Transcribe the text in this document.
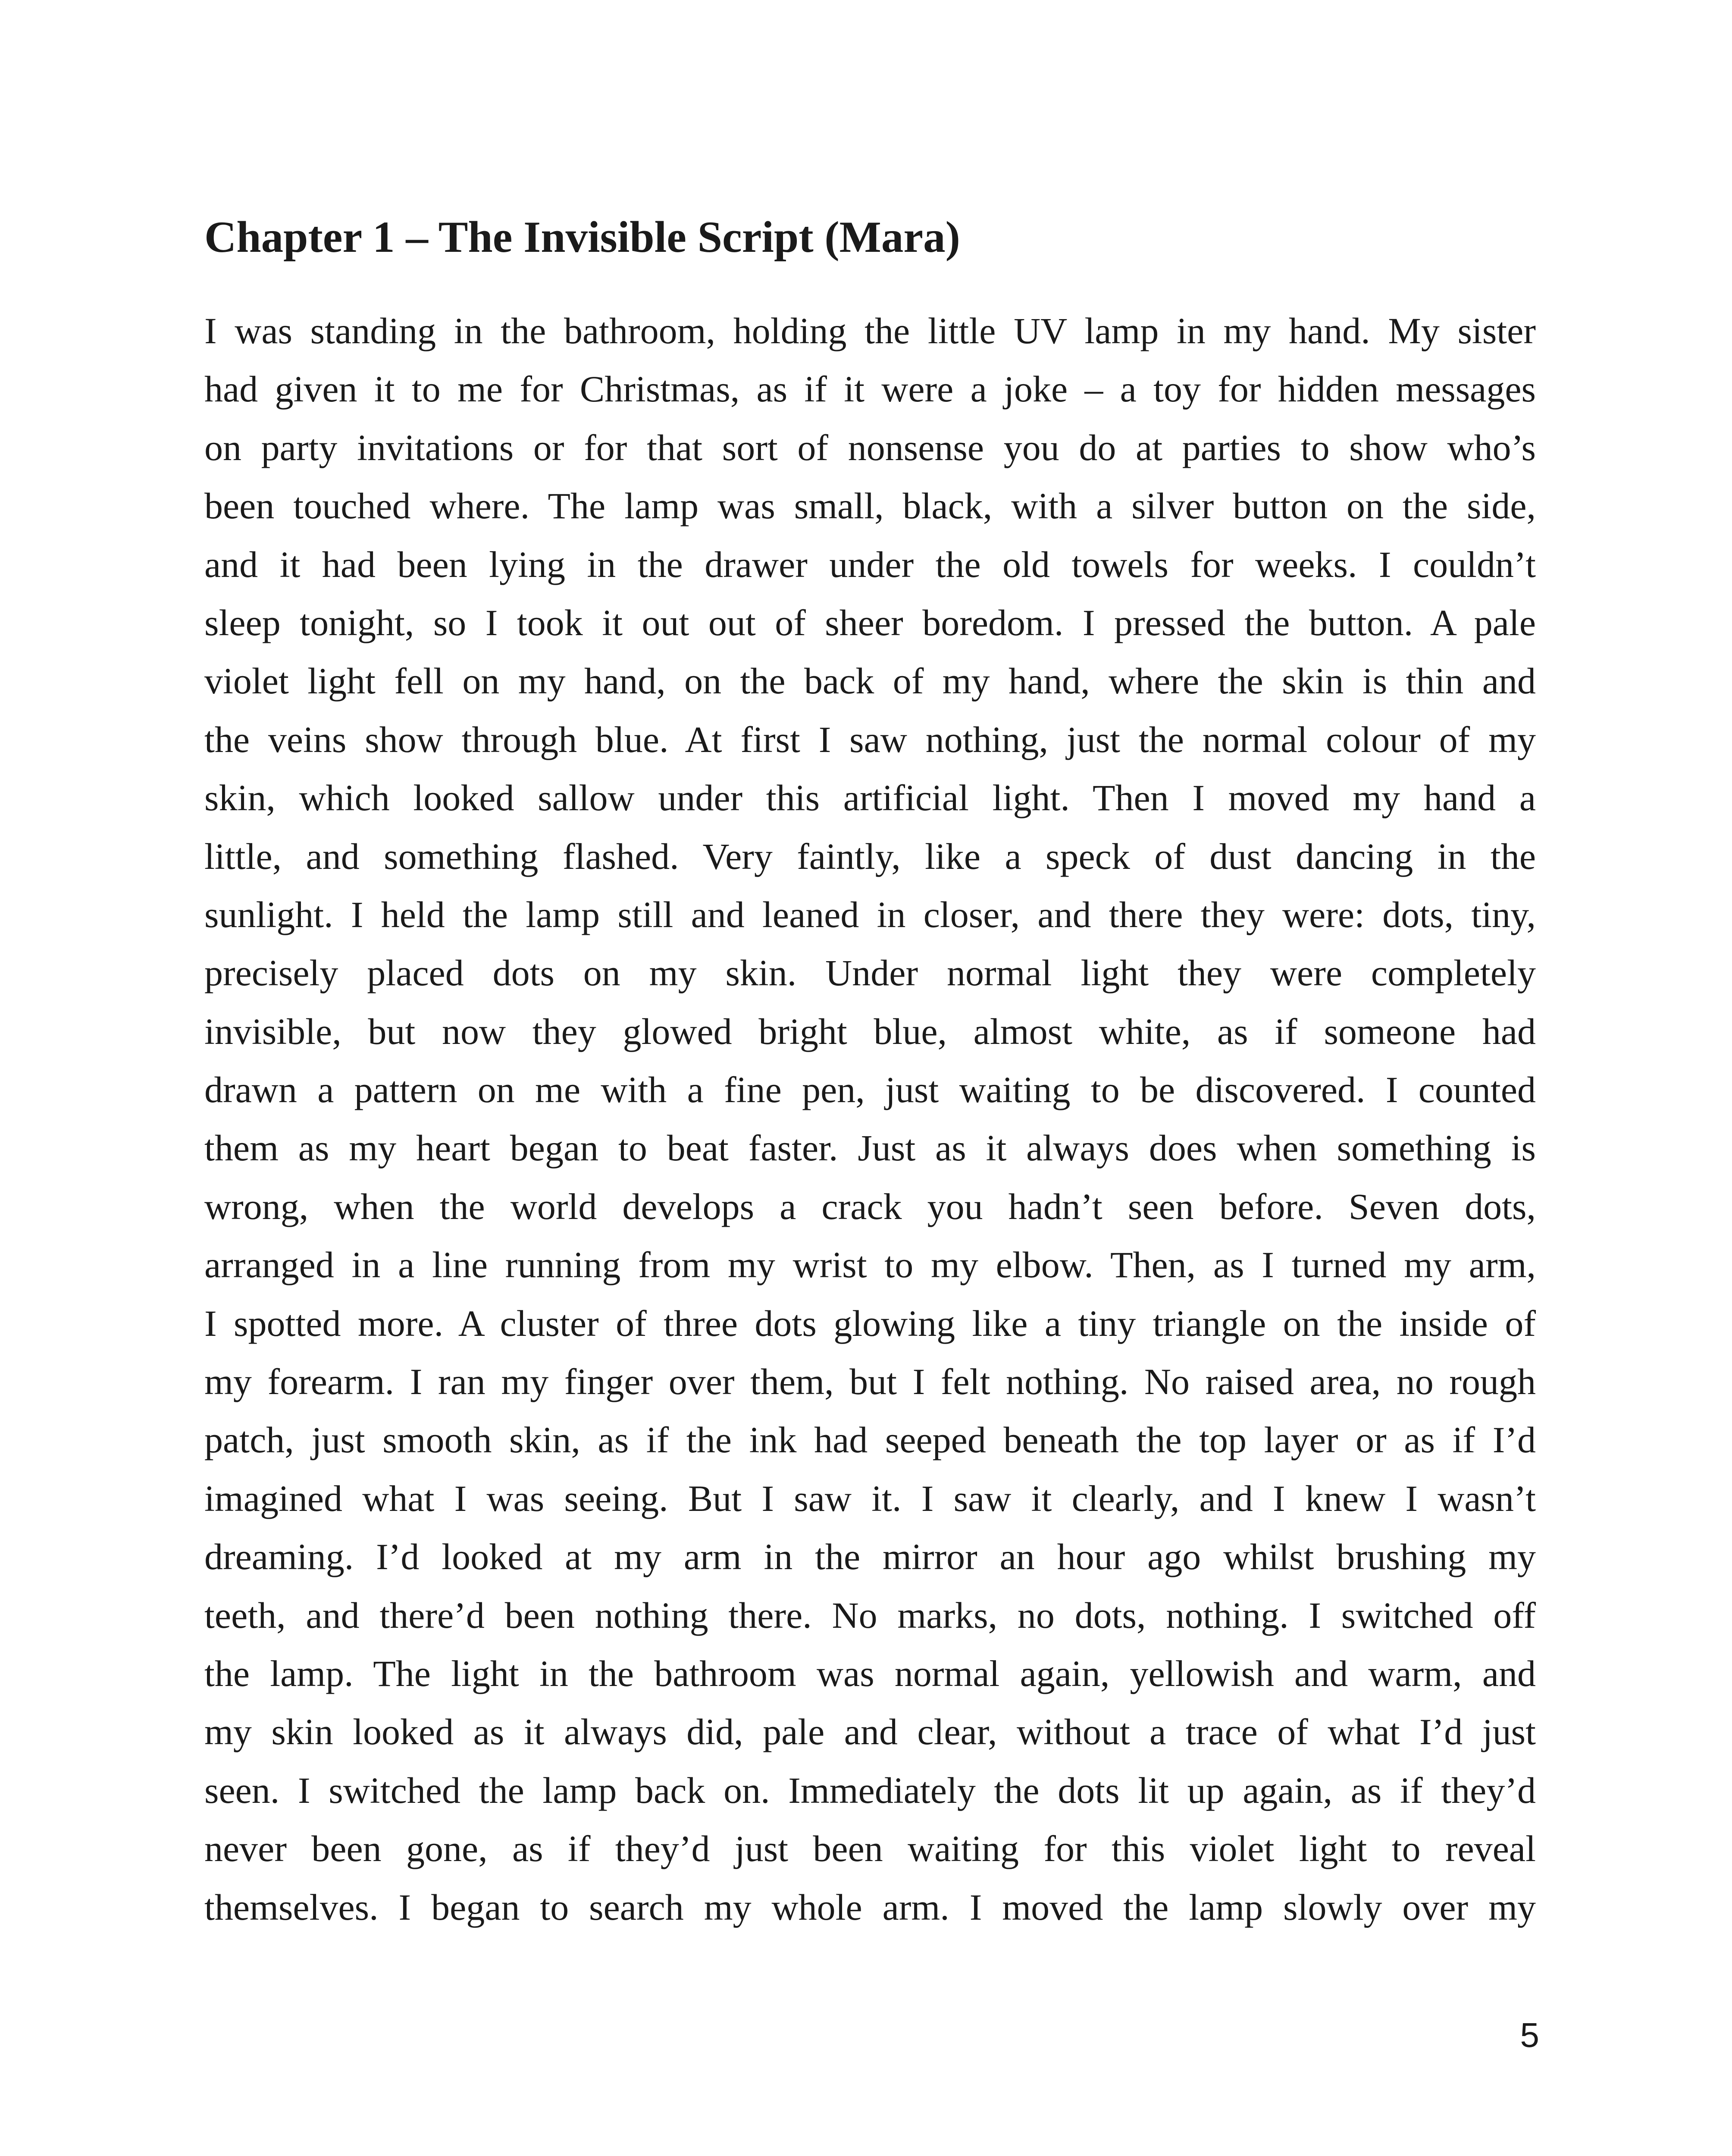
Chapter 1 – The Invisible Script (Mara)
I was standing in the bathroom, holding the little UV lamp in my hand. My sister
had given it to me for Christmas, as if it were a joke – a toy for hidden messages
on party invitations or for that sort of nonsense you do at parties to show who’s
been touched where. The lamp was small, black, with a silver button on the side,
and it had been lying in the drawer under the old towels for weeks. I couldn’t
sleep tonight, so I took it out out of sheer boredom. I pressed the button. A pale
violet light fell on my hand, on the back of my hand, where the skin is thin and
the veins show through blue. At first I saw nothing, just the normal colour of my
skin, which looked sallow under this artificial light. Then I moved my hand a
little, and something flashed. Very faintly, like a speck of dust dancing in the
sunlight. I held the lamp still and leaned in closer, and there they were: dots, tiny,
precisely placed dots on my skin. Under normal light they were completely
invisible, but now they glowed bright blue, almost white, as if someone had
drawn a pattern on me with a fine pen, just waiting to be discovered. I counted
them as my heart began to beat faster. Just as it always does when something is
wrong, when the world develops a crack you hadn’t seen before. Seven dots,
arranged in a line running from my wrist to my elbow. Then, as I turned my arm,
I spotted more. A cluster of three dots glowing like a tiny triangle on the inside of
my forearm. I ran my finger over them, but I felt nothing. No raised area, no rough
patch, just smooth skin, as if the ink had seeped beneath the top layer or as if I’d
imagined what I was seeing. But I saw it. I saw it clearly, and I knew I wasn’t
dreaming. I’d looked at my arm in the mirror an hour ago whilst brushing my
teeth, and there’d been nothing there. No marks, no dots, nothing. I switched off
the lamp. The light in the bathroom was normal again, yellowish and warm, and
my skin looked as it always did, pale and clear, without a trace of what I’d just
seen. I switched the lamp back on. Immediately the dots lit up again, as if they’d
never been gone, as if they’d just been waiting for this violet light to reveal
themselves. I began to search my whole arm. I moved the lamp slowly over my
5
